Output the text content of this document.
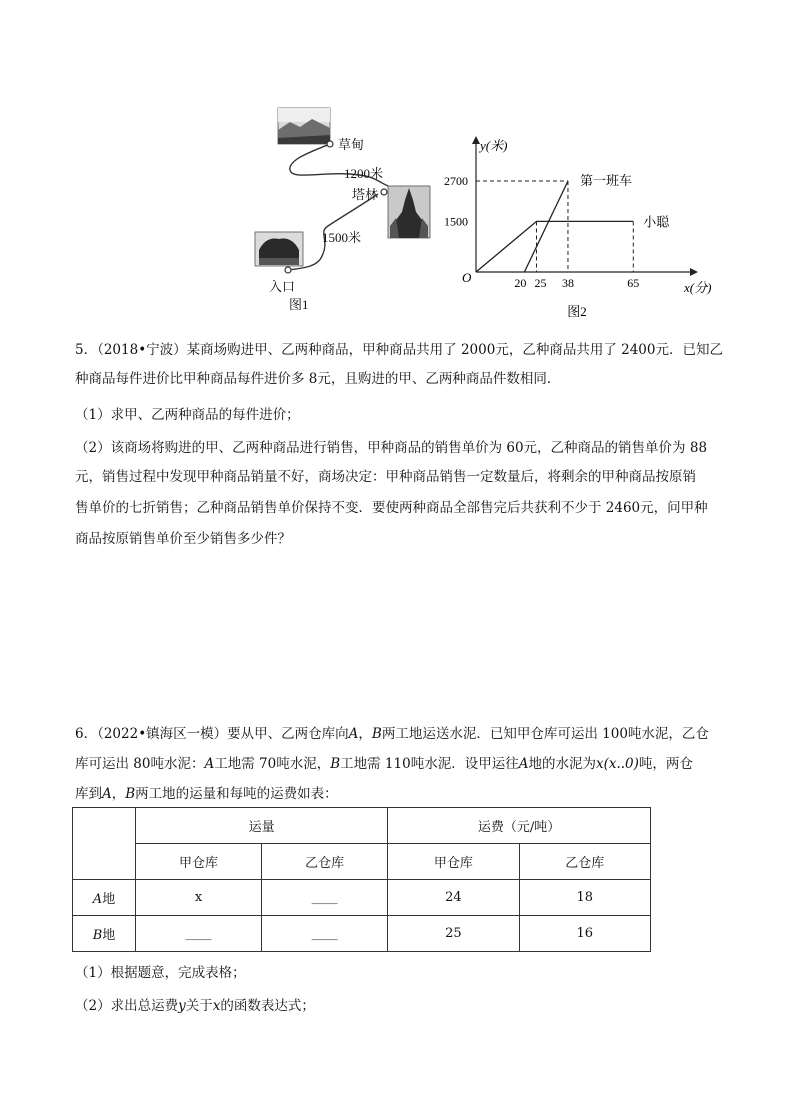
草甸
1200米
塔林
1500米
入口
图1
y(米)
x(分)
O
1500
2700
20 25 38	65
第一班车
小聪
图2
5．（2018•宁波）某商场购进甲、乙两种商品，甲种商品共用了 2000元，乙种商品共用了 2400元．已知乙
种商品每件进价比甲种商品每件进价多 8元，且购进的甲、乙两种商品件数相同．
（1）求甲、乙两种商品的每件进价；
（2）该商场将购进的甲、乙两种商品进行销售，甲种商品的销售单价为 60元，乙种商品的销售单价为 88
元，销售过程中发现甲种商品销量不好，商场决定：甲种商品销售一定数量后，将剩余的甲种商品按原销
售单价的七折销售；乙种商品销售单价保持不变．要使两种商品全部售完后共获利不少于 2460元，问甲种
商品按原销售单价至少销售多少件？
6．（2022•镇海区一模）要从甲、乙两仓库向A，B两工地运送水泥．已知甲仓库可运出 100吨水泥，乙仓
库可运出 80吨水泥：A工地需 70吨水泥，B工地需 110吨水泥．设甲运往A地的水泥为x(x..0)吨，两仓
库到A，B两工地的运量和每吨的运费如表：
	运量		运费（元/吨）	
	甲仓库	乙仓库	甲仓库	乙仓库
A地	x	____	24	18
B地	____	____	25	16
（1）根据题意，完成表格；
（2）求出总运费y关于x的函数表达式；
